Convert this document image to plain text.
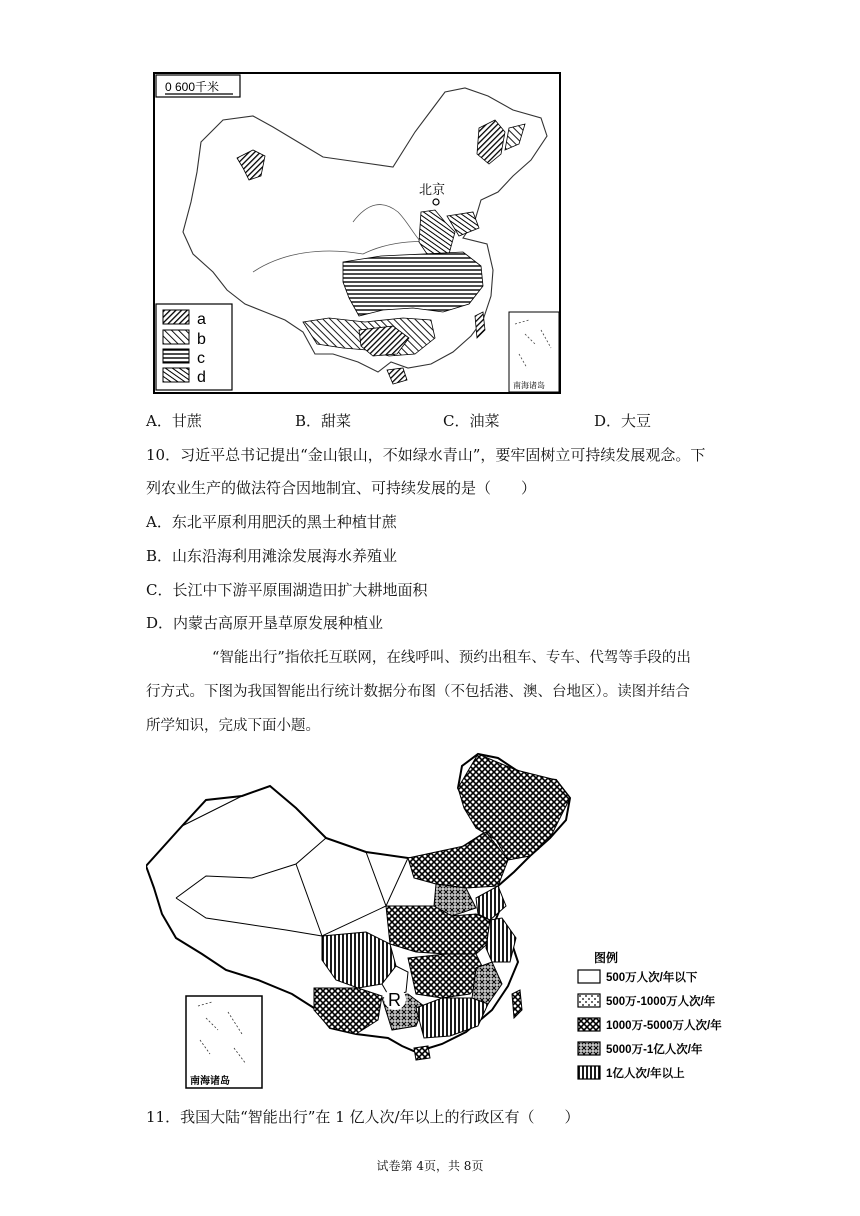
0 600千米
北京
a
b
c
d	南海诸岛
A．甘蔗	B．甜菜	C．油菜	D．大豆
10．习近平总书记提出“金山银山，不如绿水青山”，要牢固树立可持续发展观念。下
列农业生产的做法符合因地制宜、可持续发展的是（　　）
A．东北平原利用肥沃的黑土种植甘蔗
B．山东沿海利用滩涂发展海水养殖业
C．长江中下游平原围湖造田扩大耕地面积
D．内蒙古高原开垦草原发展种植业
“智能出行”指依托互联网，在线呼叫、预约出租车、专车、代驾等手段的出
行方式。下图为我国智能出行统计数据分布图（不包括港、澳、台地区）。读图并结合
所学知识，完成下面小题。
R
南海诸岛
图例
500万人次/年以下
500万-1000万人次/年
1000万-5000万人次/年
5000万-1亿人次/年
1亿人次/年以上
11．我国大陆“智能出行”在 1 亿人次/年以上的行政区有（　　）
试卷第 4页，共 8页
